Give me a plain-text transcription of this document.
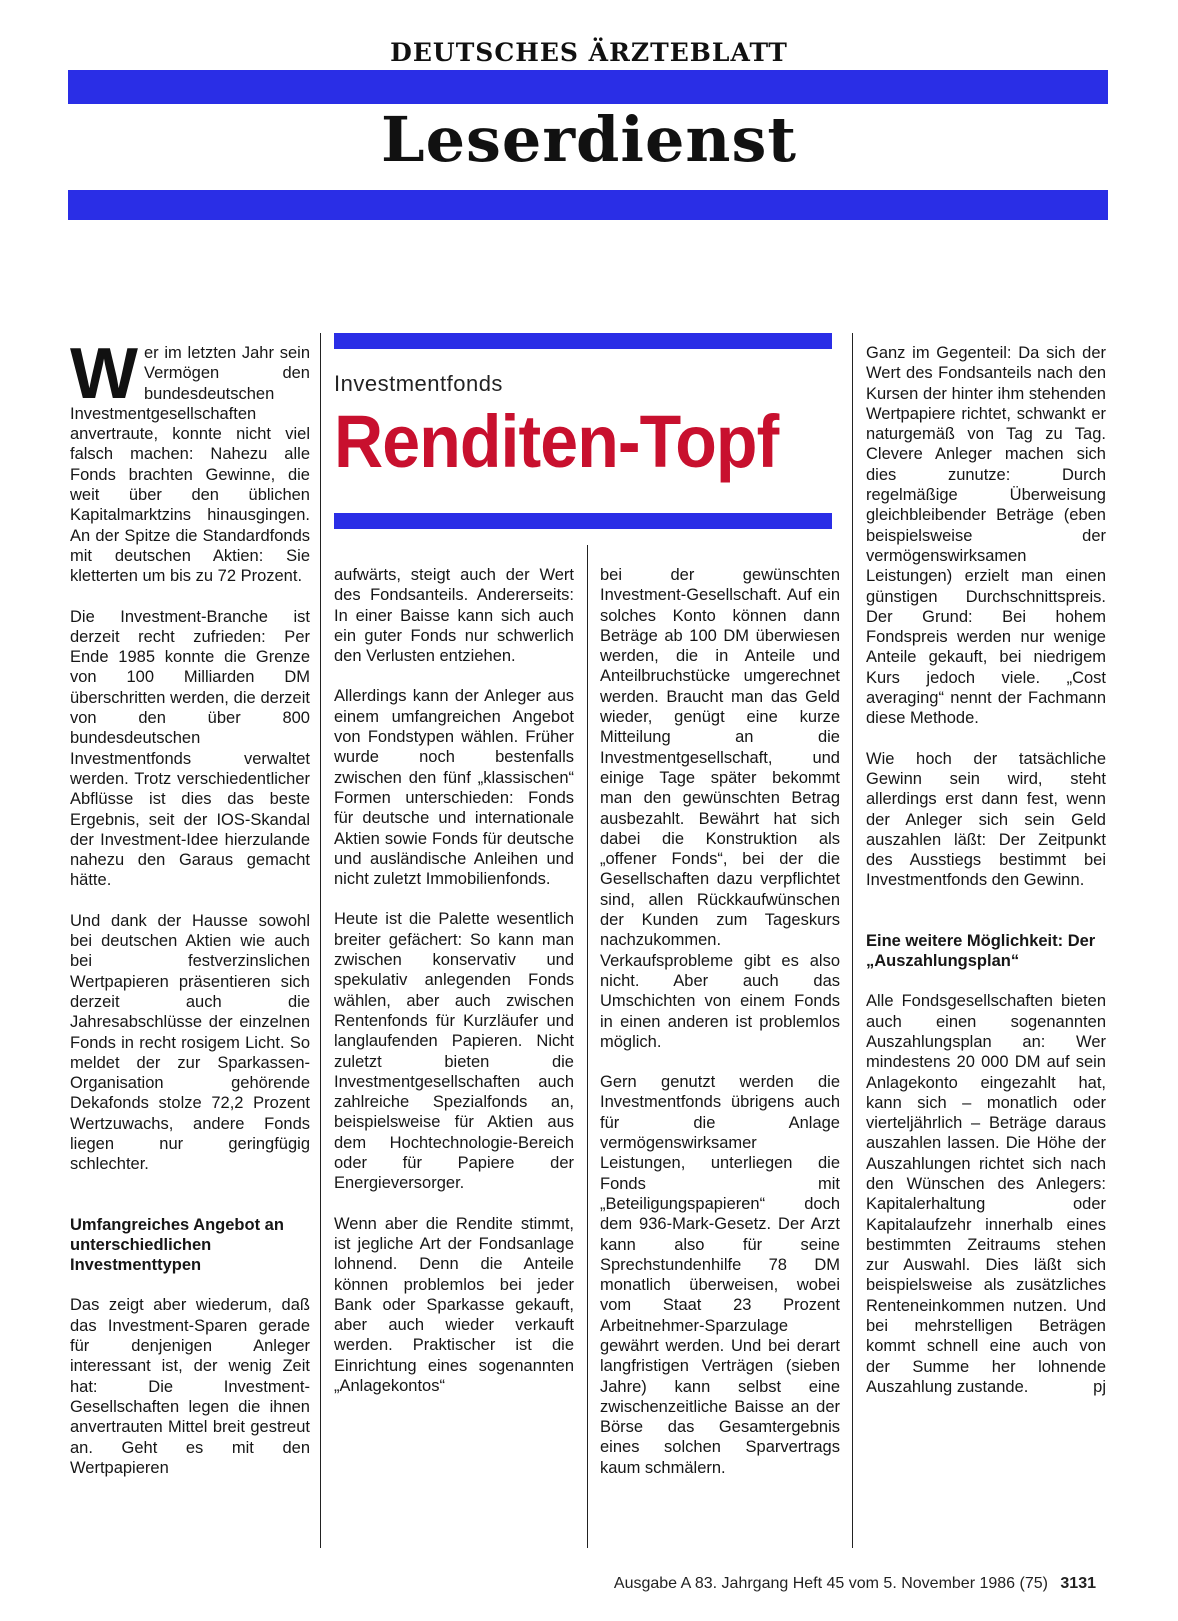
DEUTSCHES ÄRZTEBLATT
Leserdienst
Investmentfonds
Renditen-Topf

Wer im letzten Jahr sein Vermögen den bundesdeutschen Investmentgesellschaften anvertraute, konnte nicht viel falsch machen: Nahezu alle Fonds brachten Gewinne, die weit über den üblichen Kapitalmarktzins hinausgingen. An der Spitze die Standardfonds mit deutschen Aktien: Sie kletterten um bis zu 72 Prozent.

Die Investment-Branche ist derzeit recht zufrieden: Per Ende 1985 konnte die Grenze von 100 Milliarden DM überschritten werden, die derzeit von den über 800 bundesdeutschen Investmentfonds verwaltet werden. Trotz verschiedentlicher Abflüsse ist dies das beste Ergebnis, seit der IOS-Skandal der Investment-Idee hierzulande nahezu den Garaus gemacht hätte.

Und dank der Hausse sowohl bei deutschen Aktien wie auch bei festverzinslichen Wertpapieren präsentieren sich derzeit auch die Jahresabschlüsse der einzelnen Fonds in recht rosigem Licht. So meldet der zur Sparkassen-Organisation gehörende Dekafonds stolze 72,2 Prozent Wertzuwachs, andere Fonds liegen nur geringfügig schlechter.

Umfangreiches Angebot an unterschiedlichen Investmenttypen

Das zeigt aber wiederum, daß das Investment-Sparen gerade für denjenigen Anleger interessant ist, der wenig Zeit hat: Die Investment-Gesellschaften legen die ihnen anvertrauten Mittel breit gestreut an. Geht es mit den Wertpapieren

aufwärts, steigt auch der Wert des Fondsanteils. Andererseits: In einer Baisse kann sich auch ein guter Fonds nur schwerlich den Verlusten entziehen.

Allerdings kann der Anleger aus einem umfangreichen Angebot von Fondstypen wählen. Früher wurde noch bestenfalls zwischen den fünf „klassischen“ Formen unterschieden: Fonds für deutsche und internationale Aktien sowie Fonds für deutsche und ausländische Anleihen und nicht zuletzt Immobilienfonds.

Heute ist die Palette wesentlich breiter gefächert: So kann man zwischen konservativ und spekulativ anlegenden Fonds wählen, aber auch zwischen Rentenfonds für Kurzläufer und langlaufenden Papieren. Nicht zuletzt bieten die Investmentgesellschaften auch zahlreiche Spezialfonds an, beispielsweise für Aktien aus dem Hochtechnologie-Bereich oder für Papiere der Energieversorger.

Wenn aber die Rendite stimmt, ist jegliche Art der Fondsanlage lohnend. Denn die Anteile können problemlos bei jeder Bank oder Sparkasse gekauft, aber auch wieder verkauft werden. Praktischer ist die Einrichtung eines sogenannten „Anlagekontos“

bei der gewünschten Investment-Gesellschaft. Auf ein solches Konto können dann Beträge ab 100 DM überwiesen werden, die in Anteile und Anteilbruchstücke umgerechnet werden. Braucht man das Geld wieder, genügt eine kurze Mitteilung an die Investmentgesellschaft, und einige Tage später bekommt man den gewünschten Betrag ausbezahlt. Bewährt hat sich dabei die Konstruktion als „offener Fonds“, bei der die Gesellschaften dazu verpflichtet sind, allen Rückkaufwünschen der Kunden zum Tageskurs nachzukommen. Verkaufsprobleme gibt es also nicht. Aber auch das Umschichten von einem Fonds in einen anderen ist problemlos möglich.

Gern genutzt werden die Investmentfonds übrigens auch für die Anlage vermögenswirksamer Leistungen, unterliegen die Fonds mit „Beteiligungspapieren“ doch dem 936-Mark-Gesetz. Der Arzt kann also für seine Sprechstundenhilfe 78 DM monatlich überweisen, wobei vom Staat 23 Prozent Arbeitnehmer-Sparzulage gewährt werden. Und bei derart langfristigen Verträgen (sieben Jahre) kann selbst eine zwischenzeitliche Baisse an der Börse das Gesamtergebnis eines solchen Sparvertrags kaum schmälern.

Ganz im Gegenteil: Da sich der Wert des Fondsanteils nach den Kursen der hinter ihm stehenden Wertpapiere richtet, schwankt er naturgemäß von Tag zu Tag. Clevere Anleger machen sich dies zunutze: Durch regelmäßige Überweisung gleichbleibender Beträge (eben beispielsweise der vermögenswirksamen Leistungen) erzielt man einen günstigen Durchschnittspreis. Der Grund: Bei hohem Fondspreis werden nur wenige Anteile gekauft, bei niedrigem Kurs jedoch viele. „Cost averaging“ nennt der Fachmann diese Methode.

Wie hoch der tatsächliche Gewinn sein wird, steht allerdings erst dann fest, wenn der Anleger sich sein Geld auszahlen läßt: Der Zeitpunkt des Ausstiegs bestimmt bei Investmentfonds den Gewinn.

Eine weitere Möglichkeit: Der „Auszahlungsplan“

Alle Fondsgesellschaften bieten auch einen sogenannten Auszahlungsplan an: Wer mindestens 20 000 DM auf sein Anlagekonto eingezahlt hat, kann sich – monatlich oder vierteljährlich – Beträge daraus auszahlen lassen. Die Höhe der Auszahlungen richtet sich nach den Wünschen des Anlegers: Kapitalerhaltung oder Kapitalaufzehr innerhalb eines bestimmten Zeitraums stehen zur Auswahl. Dies läßt sich beispielsweise als zusätzliches Renteneinkommen nutzen. Und bei mehrstelligen Beträgen kommt schnell eine auch von der Summe her lohnende Auszahlung zustande.	pj

Ausgabe A 83. Jahrgang Heft 45 vom 5. November 1986 (75) 3131
